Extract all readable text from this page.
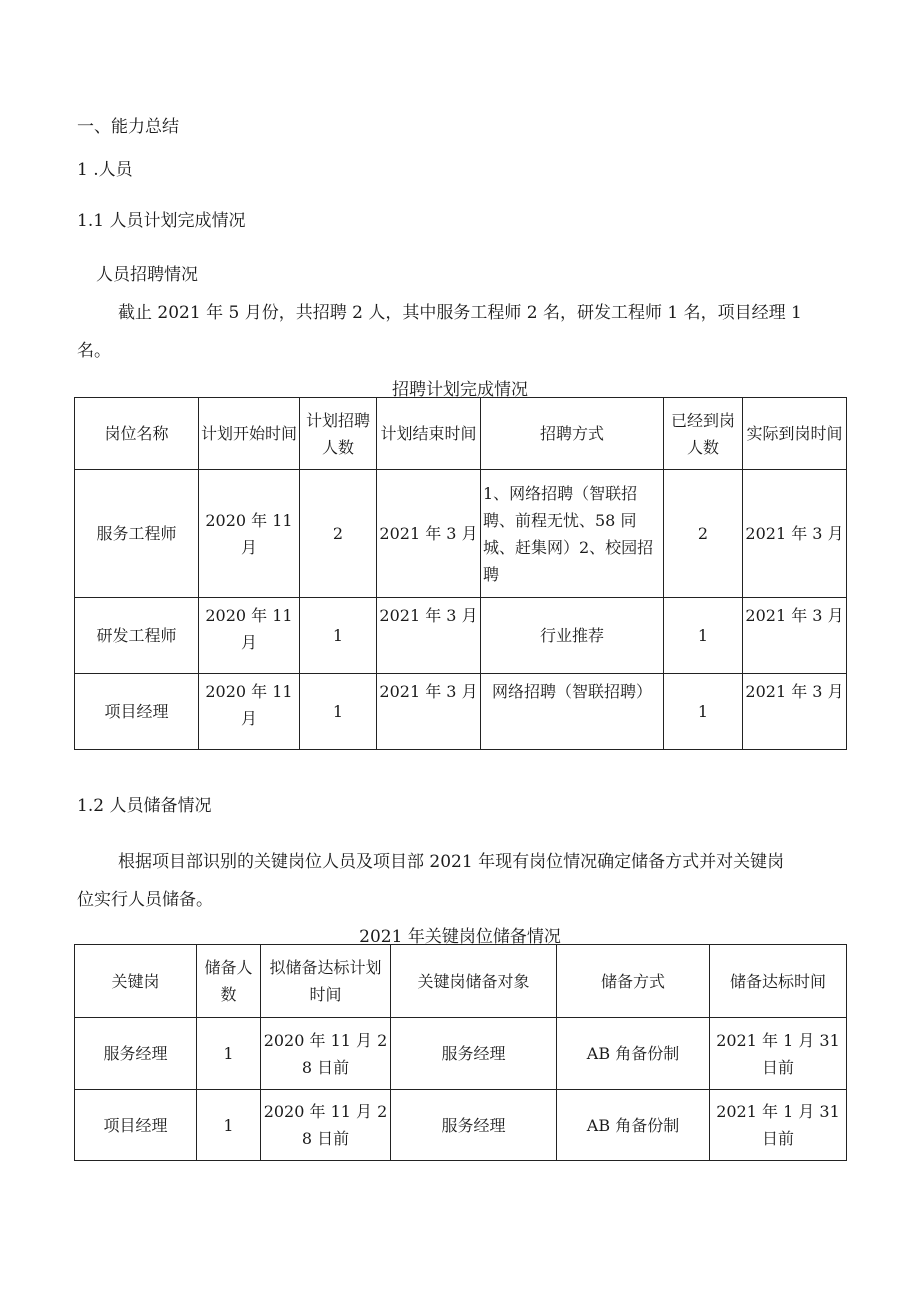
一、能力总结
1 .人员
1.1 人员计划完成情况
人员招聘情况
截止 2021 年 5 月份，共招聘 2 人，其中服务工程师 2 名，研发工程师 1 名，项目经理 1
名。
招聘计划完成情况
岗位名称	计划开始时间	计划招聘人数	计划结束时间	招聘方式	已经到岗人数	实际到岗时间
服务工程师	2020 年 11 月	2	2021 年 3 月	1、网络招聘（智联招聘、前程无忧、58 同城、赶集网）2、校园招聘	2	2021 年 3 月
研发工程师	2020 年 11 月	1	2021 年 3 月	行业推荐	1	2021 年 3 月
项目经理	2020 年 11 月	1	2021 年 3 月	网络招聘（智联招聘）	1	2021 年 3 月
1.2 人员储备情况
根据项目部识别的关键岗位人员及项目部 2021 年现有岗位情况确定储备方式并对关键岗
位实行人员储备。
2021 年关键岗位储备情况
关键岗	储备人数	拟储备达标计划时间	关键岗储备对象	储备方式	储备达标时间
服务经理	1	2020 年 11 月 28 日前	服务经理	AB 角备份制	2021 年 1 月 31 日前
项目经理	1	2020 年 11 月 28 日前	服务经理	AB 角备份制	2021 年 1 月 31 日前
